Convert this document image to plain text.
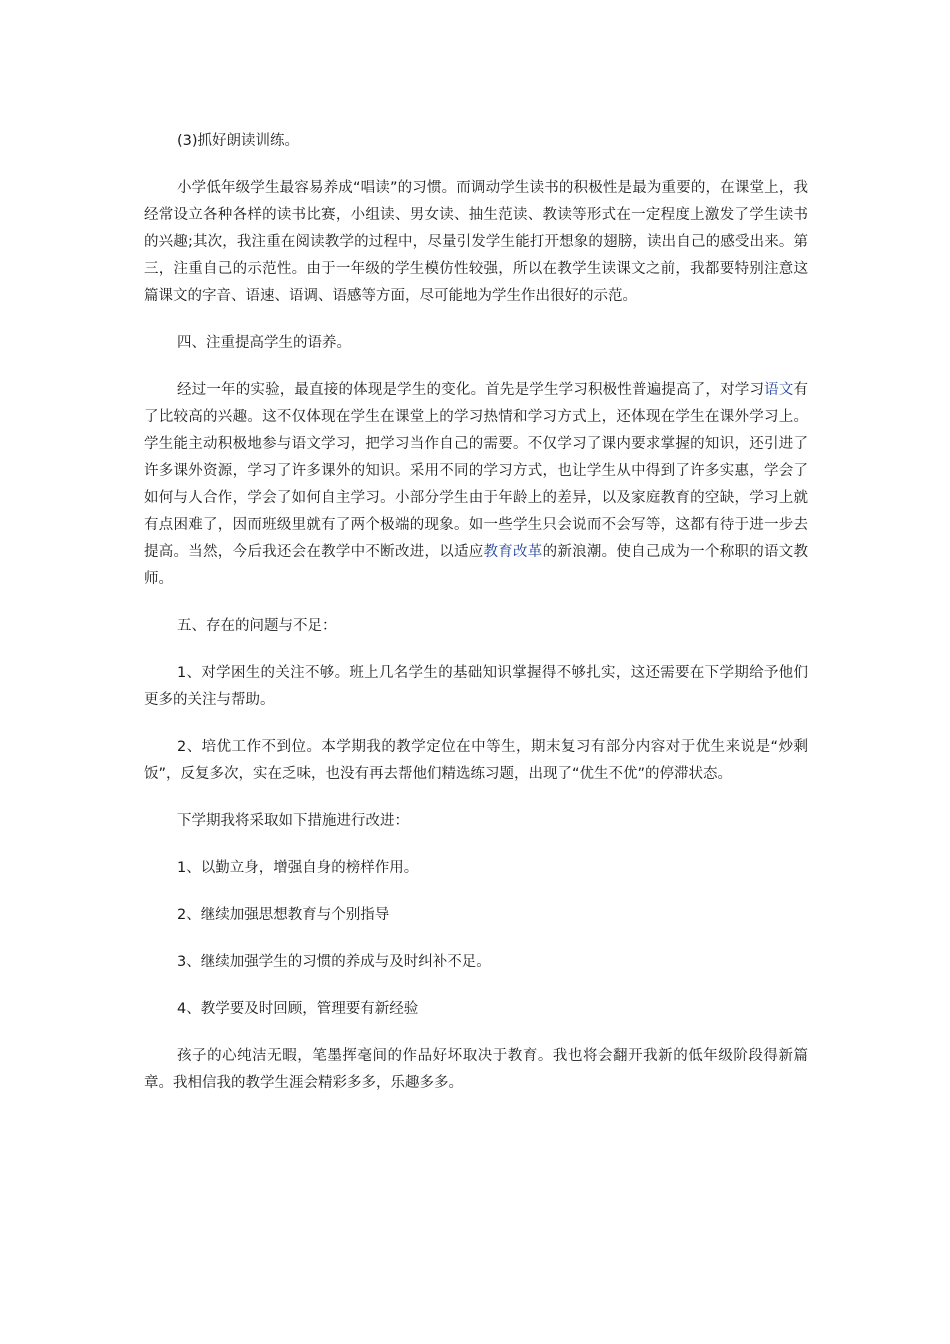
(3)抓好朗读训练。

小学低年级学生最容易养成“唱读”的习惯。而调动学生读书的积极性是最为重要的，在课堂上，我经常设立各种各样的读书比赛，小组读、男女读、抽生范读、教读等形式在一定程度上激发了学生读书的兴趣;其次，我注重在阅读教学的过程中，尽量引发学生能打开想象的翅膀，读出自己的感受出来。第三，注重自己的示范性。由于一年级的学生模仿性较强，所以在教学生读课文之前，我都要特别注意这篇课文的字音、语速、语调、语感等方面，尽可能地为学生作出很好的示范。

四、注重提高学生的语养。

经过一年的实验，最直接的体现是学生的变化。首先是学生学习积极性普遍提高了，对学习语文有了比较高的兴趣。这不仅体现在学生在课堂上的学习热情和学习方式上，还体现在学生在课外学习上。学生能主动积极地参与语文学习，把学习当作自己的需要。不仅学习了课内要求掌握的知识，还引进了许多课外资源，学习了许多课外的知识。采用不同的学习方式，也让学生从中得到了许多实惠，学会了如何与人合作，学会了如何自主学习。小部分学生由于年龄上的差异，以及家庭教育的空缺，学习上就有点困难了，因而班级里就有了两个极端的现象。如一些学生只会说而不会写等，这都有待于进一步去提高。当然，今后我还会在教学中不断改进，以适应教育改革的新浪潮。使自己成为一个称职的语文教师。

五、存在的问题与不足：

1、对学困生的关注不够。班上几名学生的基础知识掌握得不够扎实，这还需要在下学期给予他们更多的关注与帮助。

2、培优工作不到位。本学期我的教学定位在中等生，期末复习有部分内容对于优生来说是“炒剩饭”，反复多次，实在乏味，也没有再去帮他们精选练习题，出现了“优生不优”的停滞状态。

下学期我将采取如下措施进行改进：

1、以勤立身，增强自身的榜样作用。

2、继续加强思想教育与个别指导

3、继续加强学生的习惯的养成与及时纠补不足。

4、教学要及时回顾，管理要有新经验

孩子的心纯洁无暇，笔墨挥毫间的作品好坏取决于教育。我也将会翻开我新的低年级阶段得新篇章。我相信我的教学生涯会精彩多多，乐趣多多。
